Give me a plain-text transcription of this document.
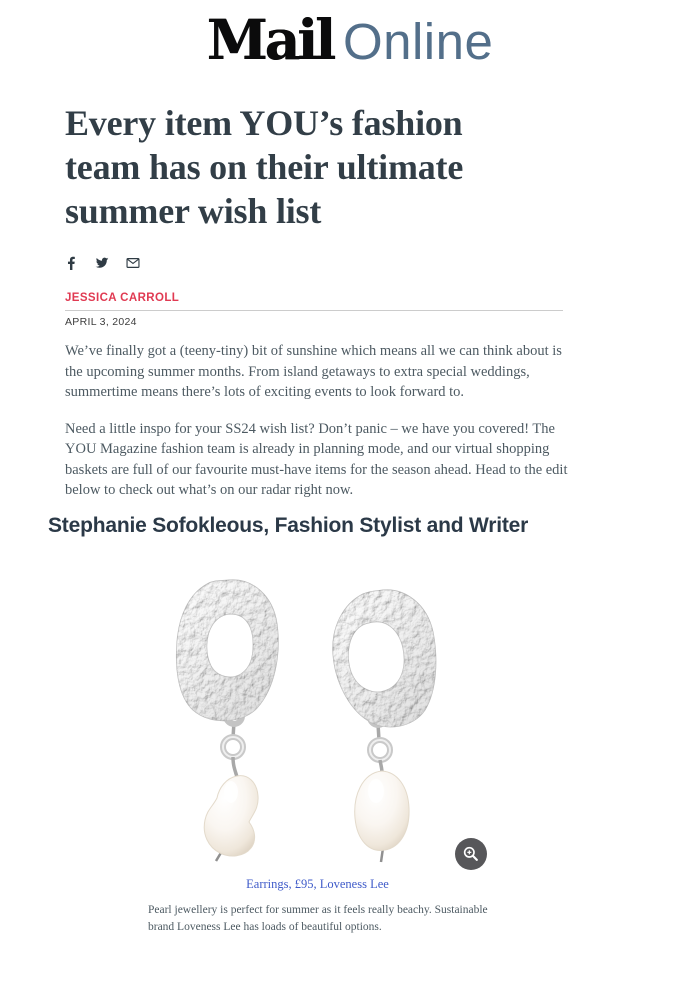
Mail Online
Every item YOU’s fashion team has on their ultimate summer wish list
JESSICA CARROLL
APRIL 3, 2024

We’ve finally got a (teeny-tiny) bit of sunshine which means all we can think about is the upcoming summer months. From island getaways to extra special weddings, summertime means there’s lots of exciting events to look forward to.

Need a little inspo for your SS24 wish list? Don’t panic – we have you covered! The YOU Magazine fashion team is already in planning mode, and our virtual shopping baskets are full of our favourite must-have items for the season ahead. Head to the edit below to check out what’s on our radar right now.

Stephanie Sofokleous, Fashion Stylist and Writer
Earrings, £95, Loveness Lee

Pearl jewellery is perfect for summer as it feels really beachy. Sustainable brand Loveness Lee has loads of beautiful options.
